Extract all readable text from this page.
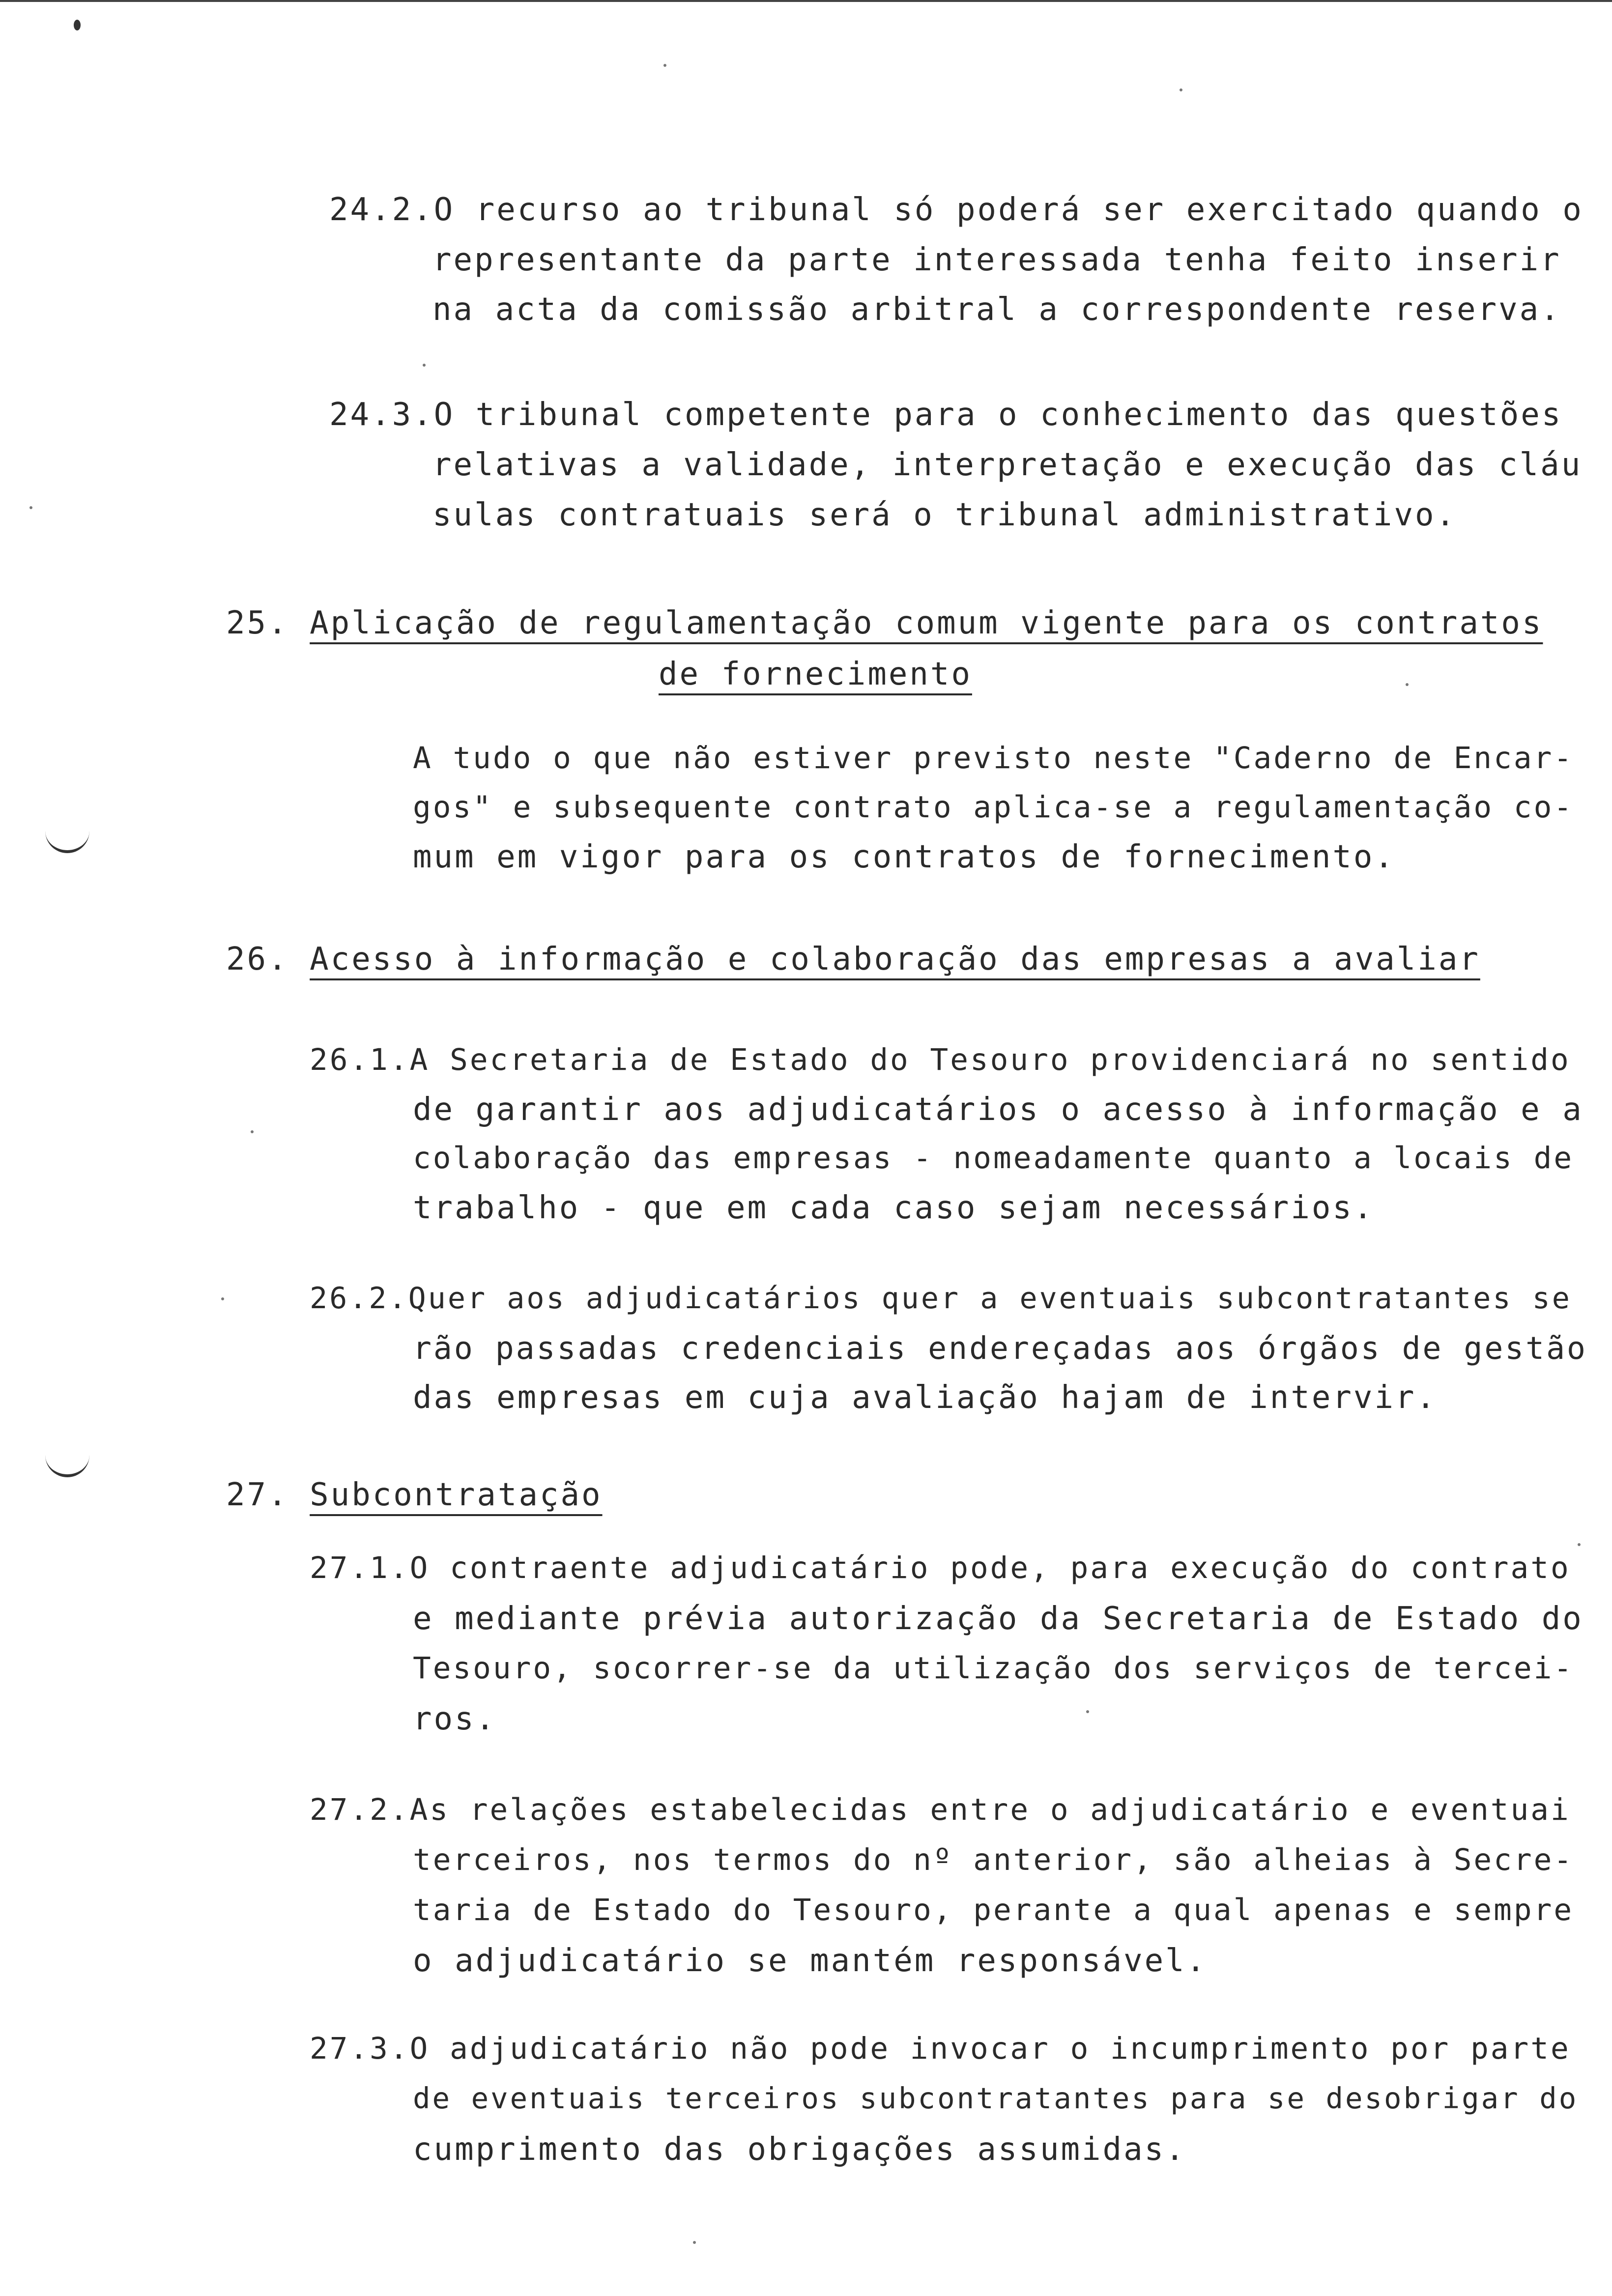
24.2.O recurso ao tribunal só poderá ser exercitado quando o
representante da parte interessada tenha feito inserir
na acta da comissão arbitral a correspondente reserva.
24.3.O tribunal competente para o conhecimento das questões
relativas a validade, interpretação e execução das cláu
sulas contratuais será o tribunal administrativo.
25. Aplicação de regulamentação comum vigente para os contratos
de fornecimento
A tudo o que não estiver previsto neste "Caderno de Encar-
gos" e subsequente contrato aplica-se a regulamentação co-
mum em vigor para os contratos de fornecimento.
26. Acesso à informação e colaboração das empresas a avaliar
26.1.A Secretaria de Estado do Tesouro providenciará no sentido
de garantir aos adjudicatários o acesso à informação e a
colaboração das empresas - nomeadamente quanto a locais de
trabalho - que em cada caso sejam necessários.
26.2.Quer aos adjudicatários quer a eventuais subcontratantes se
rão passadas credenciais endereçadas aos órgãos de gestão
das empresas em cuja avaliação hajam de intervir.
27. Subcontratação
27.1.O contraente adjudicatário pode, para execução do contrato
e mediante prévia autorização da Secretaria de Estado do
Tesouro, socorrer-se da utilização dos serviços de tercei-
ros.
27.2.As relações estabelecidas entre o adjudicatário e eventuai
terceiros, nos termos do nº anterior, são alheias à Secre-
taria de Estado do Tesouro, perante a qual apenas e sempre
o adjudicatário se mantém responsável.
27.3.O adjudicatário não pode invocar o incumprimento por parte
de eventuais terceiros subcontratantes para se desobrigar do
cumprimento das obrigações assumidas.
